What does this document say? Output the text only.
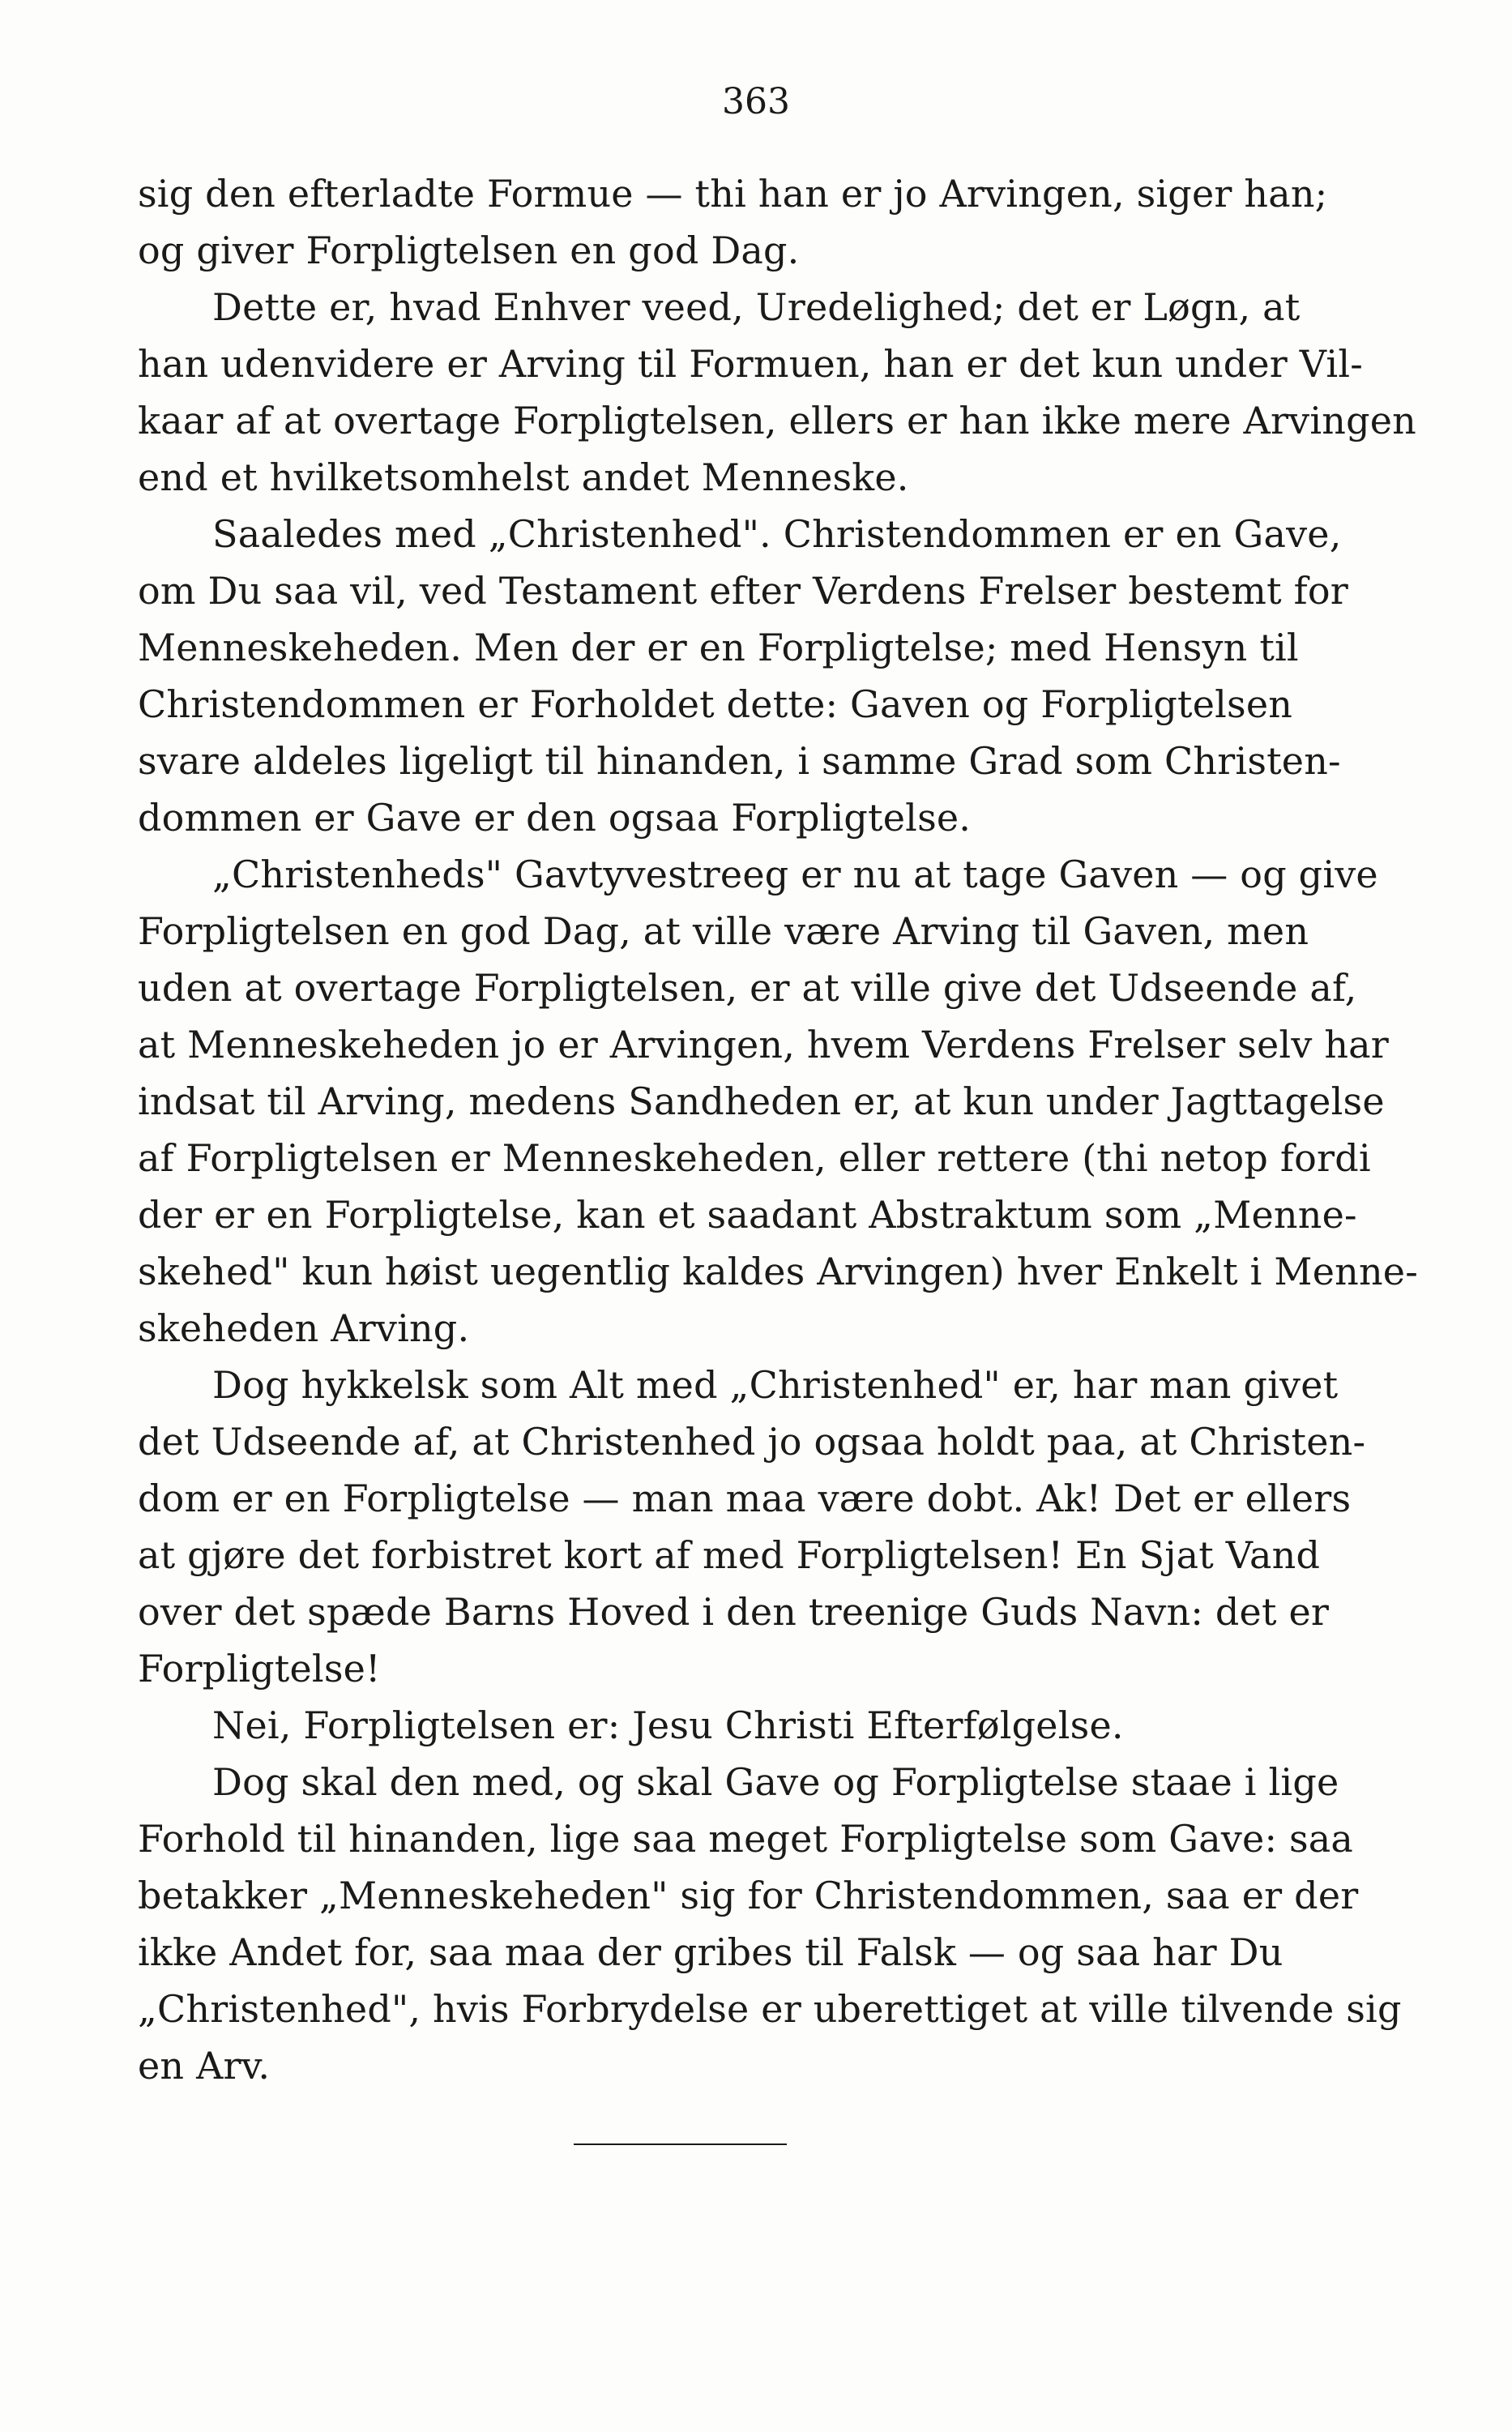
363
sig den efterladte Formue — thi han er jo Arvingen, siger han;
og giver Forpligtelsen en god Dag.
Dette er, hvad Enhver veed, Uredelighed; det er Løgn, at
han udenvidere er Arving til Formuen, han er det kun under Vil-
kaar af at overtage Forpligtelsen, ellers er han ikke mere Arvingen
end et hvilketsomhelst andet Menneske.
Saaledes med „Christenhed". Christendommen er en Gave,
om Du saa vil, ved Testament efter Verdens Frelser bestemt for
Menneskeheden. Men der er en Forpligtelse; med Hensyn til
Christendommen er Forholdet dette: Gaven og Forpligtelsen
svare aldeles ligeligt til hinanden, i samme Grad som Christen-
dommen er Gave er den ogsaa Forpligtelse.
„Christenheds" Gavtyvestreeg er nu at tage Gaven — og give
Forpligtelsen en god Dag, at ville være Arving til Gaven, men
uden at overtage Forpligtelsen, er at ville give det Udseende af,
at Menneskeheden jo er Arvingen, hvem Verdens Frelser selv har
indsat til Arving, medens Sandheden er, at kun under Jagttagelse
af Forpligtelsen er Menneskeheden, eller rettere (thi netop fordi
der er en Forpligtelse, kan et saadant Abstraktum som „Menne-
skehed" kun høist uegentlig kaldes Arvingen) hver Enkelt i Menne-
skeheden Arving.
Dog hykkelsk som Alt med „Christenhed" er, har man givet
det Udseende af, at Christenhed jo ogsaa holdt paa, at Christen-
dom er en Forpligtelse — man maa være dobt. Ak! Det er ellers
at gjøre det forbistret kort af med Forpligtelsen! En Sjat Vand
over det spæde Barns Hoved i den treenige Guds Navn: det er
Forpligtelse!
Nei, Forpligtelsen er: Jesu Christi Efterfølgelse.
Dog skal den med, og skal Gave og Forpligtelse staae i lige
Forhold til hinanden, lige saa meget Forpligtelse som Gave: saa
betakker „Menneskeheden" sig for Christendommen, saa er der
ikke Andet for, saa maa der gribes til Falsk — og saa har Du
„Christenhed", hvis Forbrydelse er uberettiget at ville tilvende sig
en Arv.
